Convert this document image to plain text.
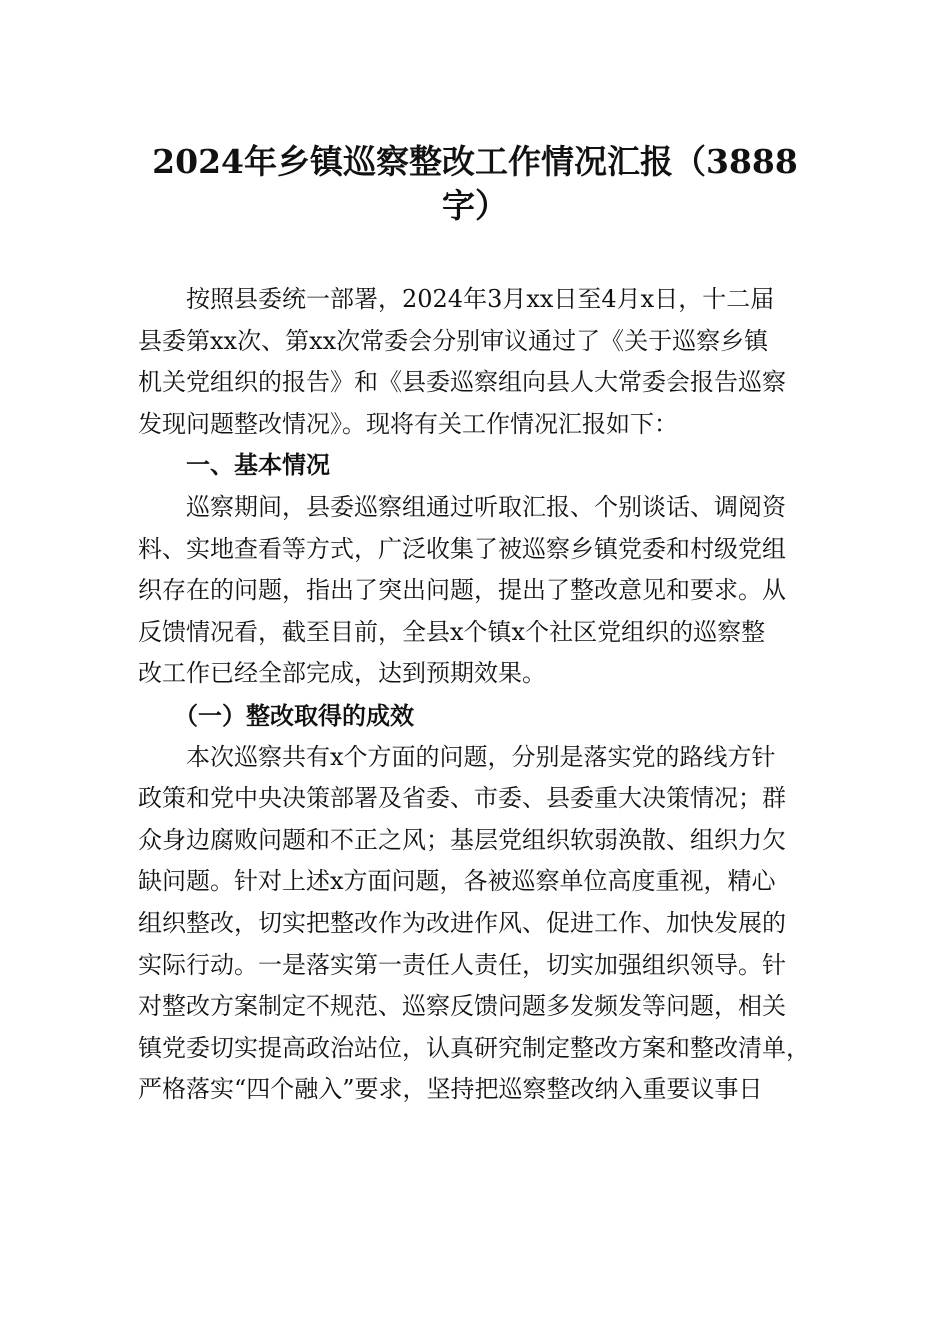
2024年乡镇巡察整改工作情况汇报（3888
字）
　　按照县委统一部署，2024年3月xx日至4月x日，十二届
县委第xx次、第xx次常委会分别审议通过了《关于巡察乡镇
机关党组织的报告》和《县委巡察组向县人大常委会报告巡察
发现问题整改情况》。现将有关工作情况汇报如下：
　　一、基本情况
　　巡察期间，县委巡察组通过听取汇报、个别谈话、调阅资
料、实地查看等方式，广泛收集了被巡察乡镇党委和村级党组
织存在的问题，指出了突出问题，提出了整改意见和要求。从
反馈情况看，截至目前，全县x个镇x个社区党组织的巡察整
改工作已经全部完成，达到预期效果。
　　（一）整改取得的成效
　　本次巡察共有x个方面的问题，分别是落实党的路线方针
政策和党中央决策部署及省委、市委、县委重大决策情况；群
众身边腐败问题和不正之风；基层党组织软弱涣散、组织力欠
缺问题。针对上述x方面问题，各被巡察单位高度重视，精心
组织整改，切实把整改作为改进作风、促进工作、加快发展的
实际行动。一是落实第一责任人责任，切实加强组织领导。针
对整改方案制定不规范、巡察反馈问题多发频发等问题，相关
镇党委切实提高政治站位，认真研究制定整改方案和整改清单，
严格落实“四个融入”要求，坚持把巡察整改纳入重要议事日
